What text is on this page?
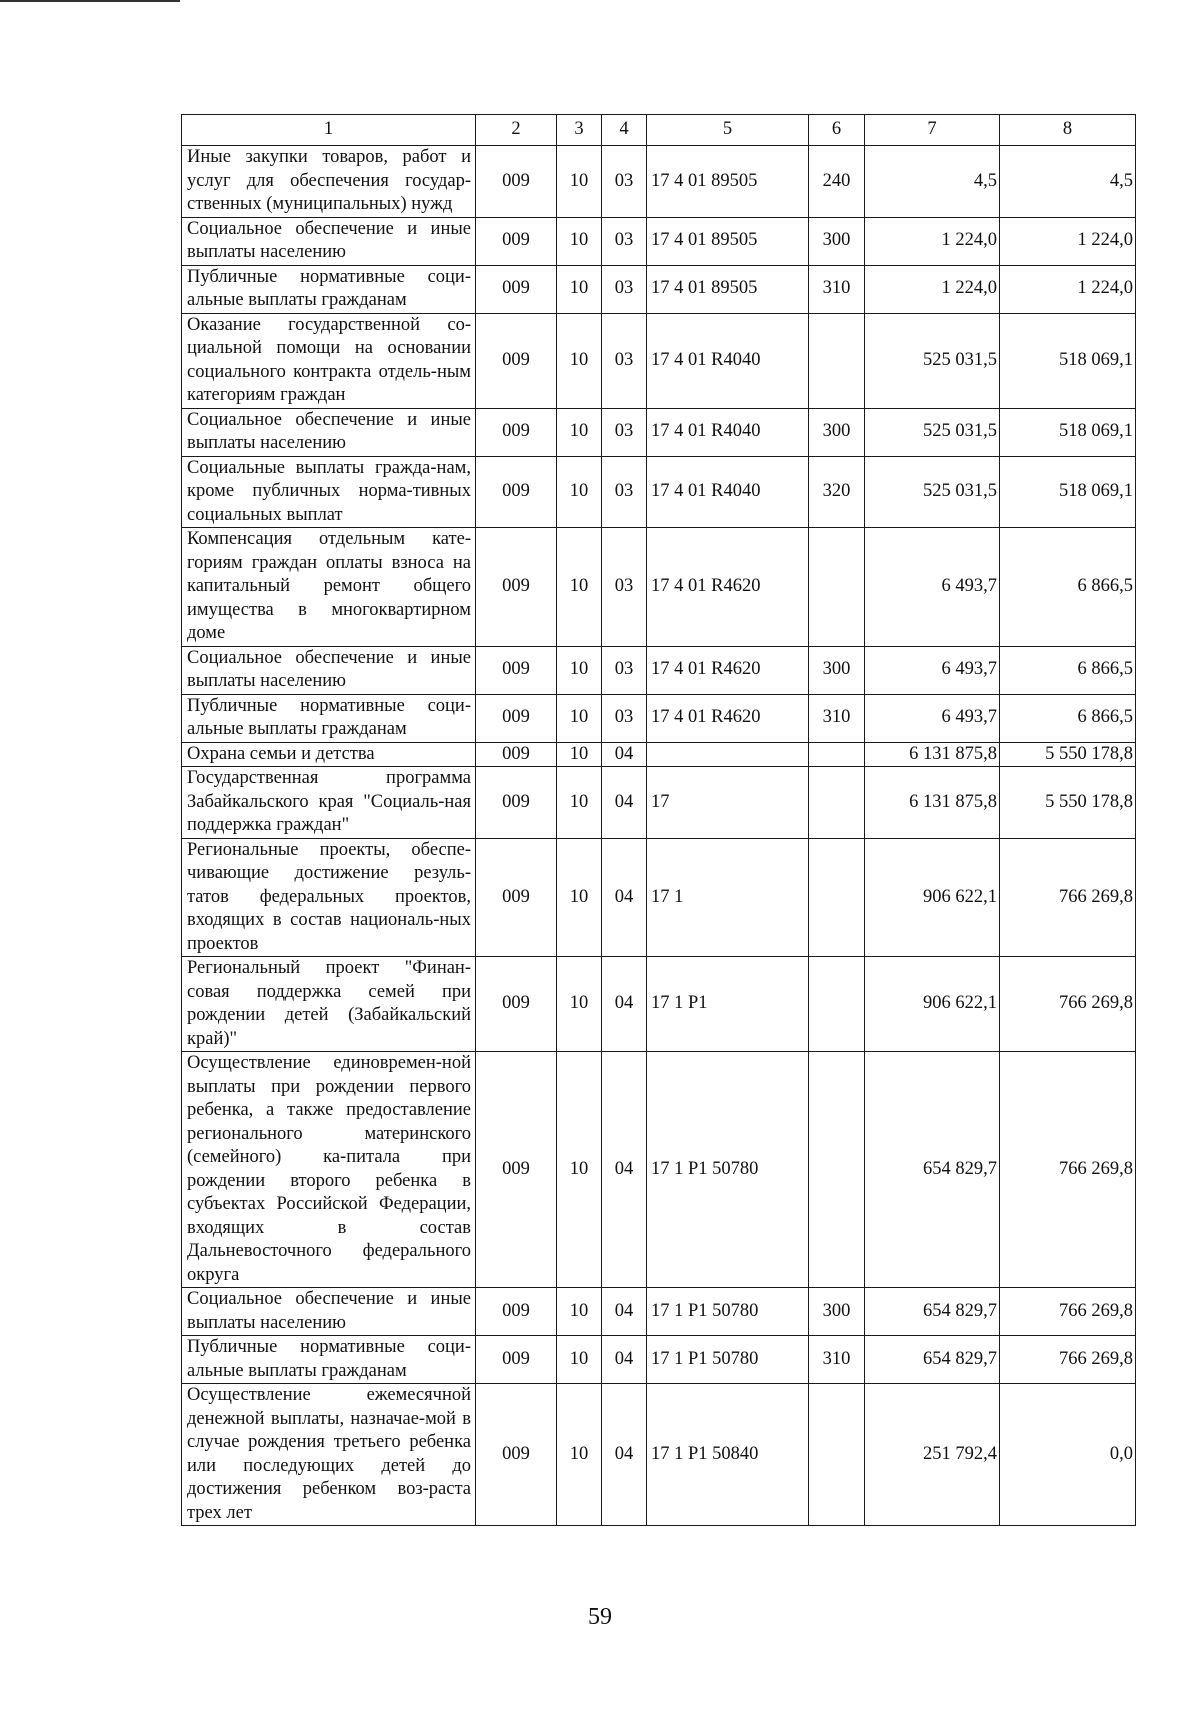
1	2	3	4	5	6	7	8
Иные закупки товаров, работ и услуг для обеспечения государ-ственных (муниципальных) нужд	009	10	03	17 4 01 89505	240	4,5	4,5
Социальное обеспечение и иные выплаты населению	009	10	03	17 4 01 89505	300	1 224,0	1 224,0
Публичные нормативные соци-альные выплаты гражданам	009	10	03	17 4 01 89505	310	1 224,0	1 224,0
Оказание государственной со-циальной помощи на основании социального контракта отдель-ным категориям граждан	009	10	03	17 4 01 R4040		525 031,5	518 069,1
Социальное обеспечение и иные выплаты населению	009	10	03	17 4 01 R4040	300	525 031,5	518 069,1
Социальные выплаты гражда-нам, кроме публичных норма-тивных социальных выплат	009	10	03	17 4 01 R4040	320	525 031,5	518 069,1
Компенсация отдельным кате-гориям граждан оплаты взноса на капитальный ремонт общего имущества в многоквартирном доме	009	10	03	17 4 01 R4620		6 493,7	6 866,5
Социальное обеспечение и иные выплаты населению	009	10	03	17 4 01 R4620	300	6 493,7	6 866,5
Публичные нормативные соци-альные выплаты гражданам	009	10	03	17 4 01 R4620	310	6 493,7	6 866,5
Охрана семьи и детства	009	10	04			6 131 875,8	5 550 178,8
Государственная программа Забайкальского края "Социаль-ная поддержка граждан"	009	10	04	17		6 131 875,8	5 550 178,8
Региональные проекты, обеспе-чивающие достижение резуль-татов федеральных проектов, входящих в состав националь-ных проектов	009	10	04	17 1		906 622,1	766 269,8
Региональный проект "Финан-совая поддержка семей при рождении детей (Забайкальский край)"	009	10	04	17 1 P1		906 622,1	766 269,8
Осуществление единовремен-ной выплаты при рождении первого ребенка, а также предоставление регионального материнского (семейного) ка-питала при рождении второго ребенка в субъектах Российской Федерации, входящих в состав Дальневосточного федерального округа	009	10	04	17 1 P1 50780		654 829,7	766 269,8
Социальное обеспечение и иные выплаты населению	009	10	04	17 1 P1 50780	300	654 829,7	766 269,8
Публичные нормативные соци-альные выплаты гражданам	009	10	04	17 1 P1 50780	310	654 829,7	766 269,8
Осуществление ежемесячной денежной выплаты, назначае-мой в случае рождения третьего ребенка или последующих детей до достижения ребенком воз-раста трех лет	009	10	04	17 1 P1 50840		251 792,4	0,0
59
